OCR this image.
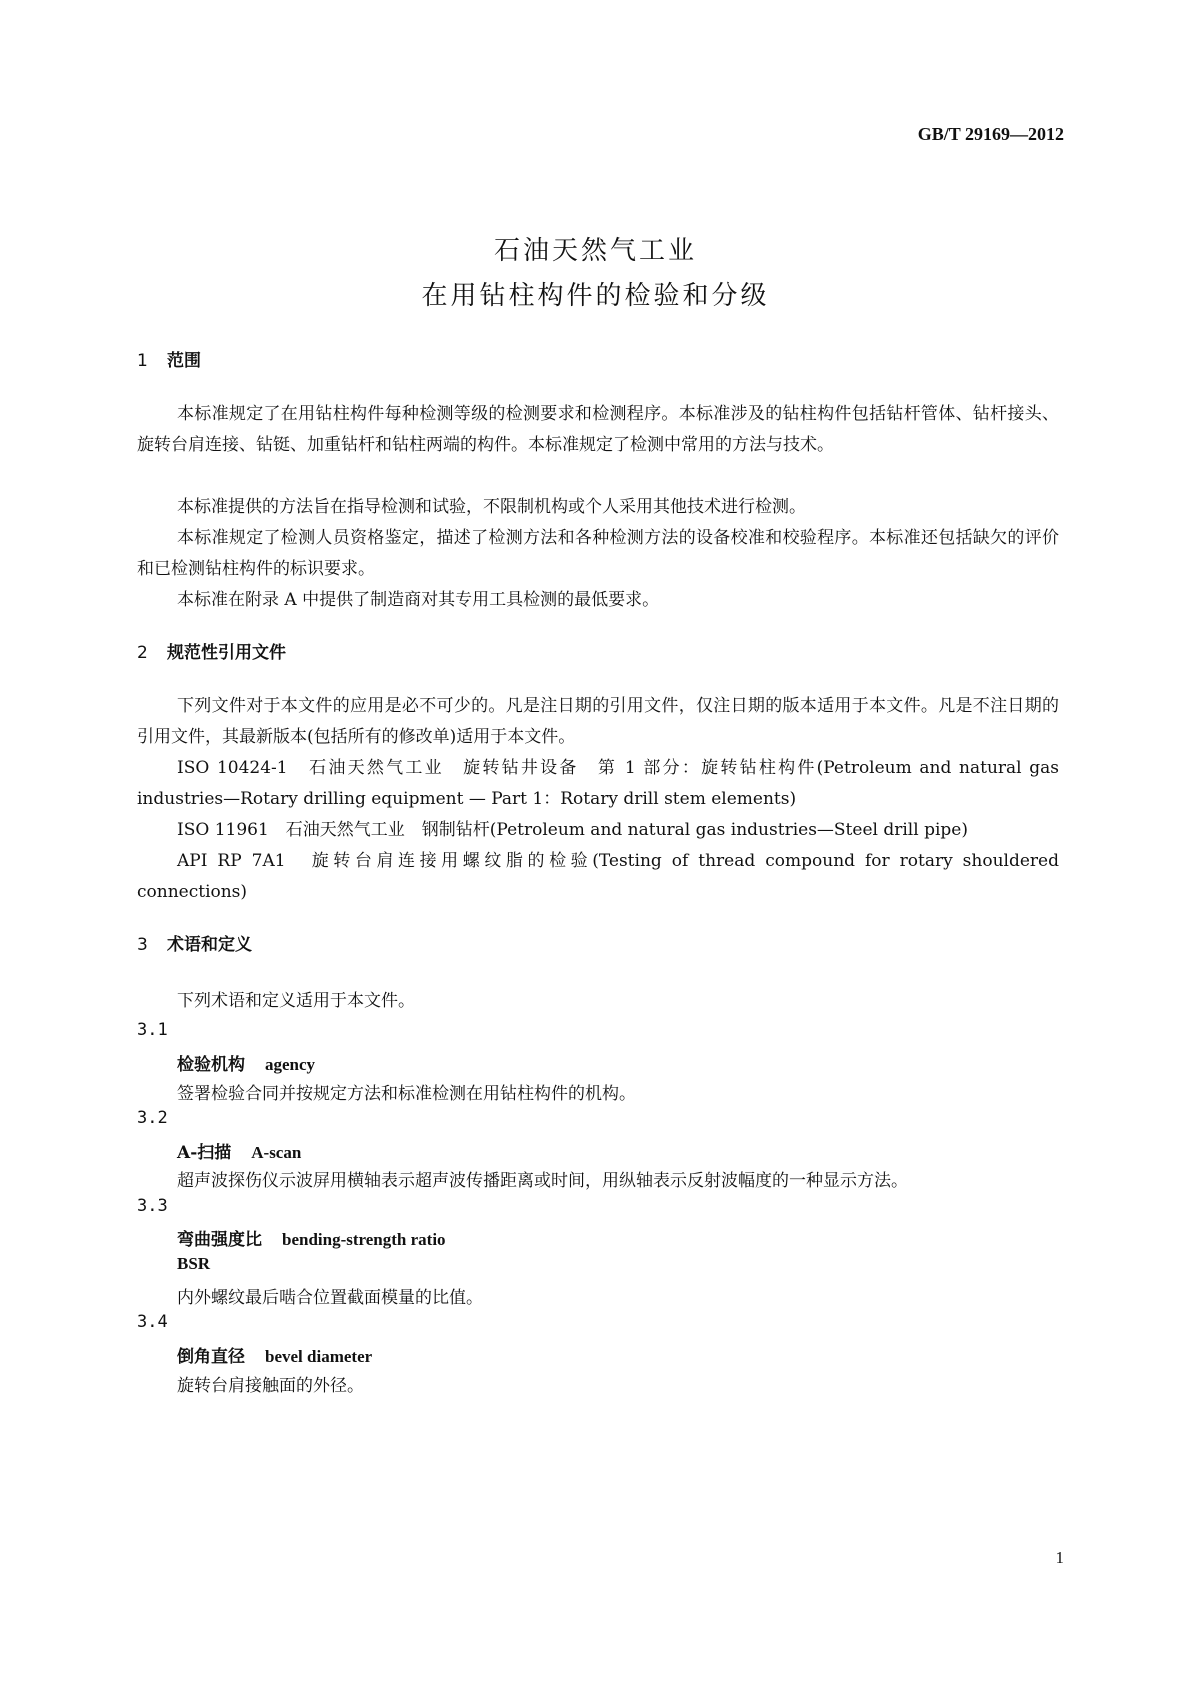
GB/T 29169—2012
石油天然气工业
在用钻柱构件的检验和分级
1 范围
本标准规定了在用钻柱构件每种检测等级的检测要求和检测程序。本标准涉及的钻柱构件包括钻杆管体、钻杆接头、旋转台肩连接、钻铤、加重钻杆和钻柱两端的构件。本标准规定了检测中常用的方法与技术。
本标准提供的方法旨在指导检测和试验，不限制机构或个人采用其他技术进行检测。
本标准规定了检测人员资格鉴定，描述了检测方法和各种检测方法的设备校准和校验程序。本标准还包括缺欠的评价和已检测钻柱构件的标识要求。
本标准在附录 A 中提供了制造商对其专用工具检测的最低要求。
2 规范性引用文件
下列文件对于本文件的应用是必不可少的。凡是注日期的引用文件，仅注日期的版本适用于本文件。凡是不注日期的引用文件，其最新版本(包括所有的修改单)适用于本文件。
ISO 10424-1　石油天然气工业　旋转钻井设备　第 1 部分：旋转钻柱构件(Petroleum and natural gas industries—Rotary drilling equipment — Part 1：Rotary drill stem elements)
ISO 11961　石油天然气工业　钢制钻杆(Petroleum and natural gas industries—Steel drill pipe)
API RP 7A1　旋转台肩连接用螺纹脂的检验(Testing of thread compound for rotary shouldered connections)
3 术语和定义
下列术语和定义适用于本文件。
3.1
检验机构 agency
签署检验合同并按规定方法和标准检测在用钻柱构件的机构。
3.2
A-扫描 A-scan
超声波探伤仪示波屏用横轴表示超声波传播距离或时间，用纵轴表示反射波幅度的一种显示方法。
3.3
弯曲强度比 bending-strength ratio
BSR
内外螺纹最后啮合位置截面模量的比值。
3.4
倒角直径 bevel diameter
旋转台肩接触面的外径。
1
